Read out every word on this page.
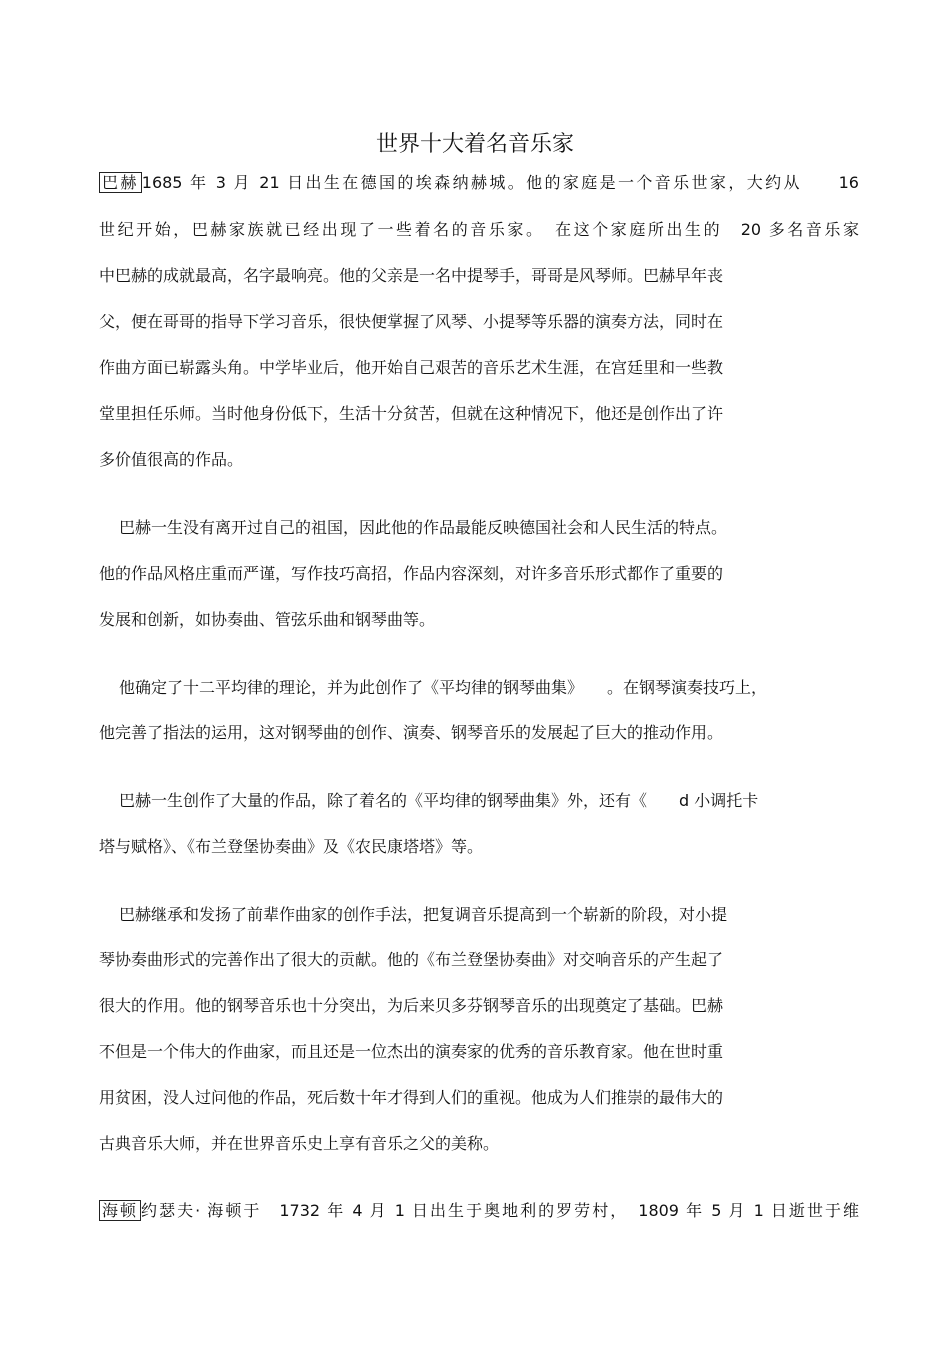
世界十大着名音乐家
巴赫 1685 年 3 月 21 日出生在德国的埃森纳赫城。他的家庭是一个音乐世家，大约从　　16
世纪开始，巴赫家族就已经出现了一些着名的音乐家。　在这个家庭所出生的　20 多名音乐家
中巴赫的成就最高，名字最响亮。他的父亲是一名中提琴手，哥哥是风琴师。巴赫早年丧
父，便在哥哥的指导下学习音乐，很快便掌握了风琴、小提琴等乐器的演奏方法，同时在
作曲方面已崭露头角。中学毕业后，他开始自己艰苦的音乐艺术生涯，在宫廷里和一些教
堂里担任乐师。当时他身份低下，生活十分贫苦，但就在这种情况下，他还是创作出了许
多价值很高的作品。
巴赫一生没有离开过自己的祖国，因此他的作品最能反映德国社会和人民生活的特点。
他的作品风格庄重而严谨，写作技巧高招，作品内容深刻，对许多音乐形式都作了重要的
发展和创新，如协奏曲、管弦乐曲和钢琴曲等。
他确定了十二平均律的理论，并为此创作了《平均律的钢琴曲集》　　。在钢琴演奏技巧上，
他完善了指法的运用，这对钢琴曲的创作、演奏、钢琴音乐的发展起了巨大的推动作用。
巴赫一生创作了大量的作品，除了着名的《平均律的钢琴曲集》外，还有《　　d 小调托卡
塔与赋格》、《布兰登堡协奏曲》及《农民康塔塔》等。
巴赫继承和发扬了前辈作曲家的创作手法，把复调音乐提高到一个崭新的阶段，对小提
琴协奏曲形式的完善作出了很大的贡献。他的《布兰登堡协奏曲》对交响音乐的产生起了
很大的作用。他的钢琴音乐也十分突出，为后来贝多芬钢琴音乐的出现奠定了基础。巴赫
不但是一个伟大的作曲家，而且还是一位杰出的演奏家的优秀的音乐教育家。他在世时重
用贫困，没人过问他的作品，死后数十年才得到人们的重视。他成为人们推崇的最伟大的
古典音乐大师，并在世界音乐史上享有音乐之父的美称。
海顿 约瑟夫· 海顿于　1732 年 4 月 1 日出生于奥地利的罗劳村，　1809 年 5 月 1 日逝世于维
